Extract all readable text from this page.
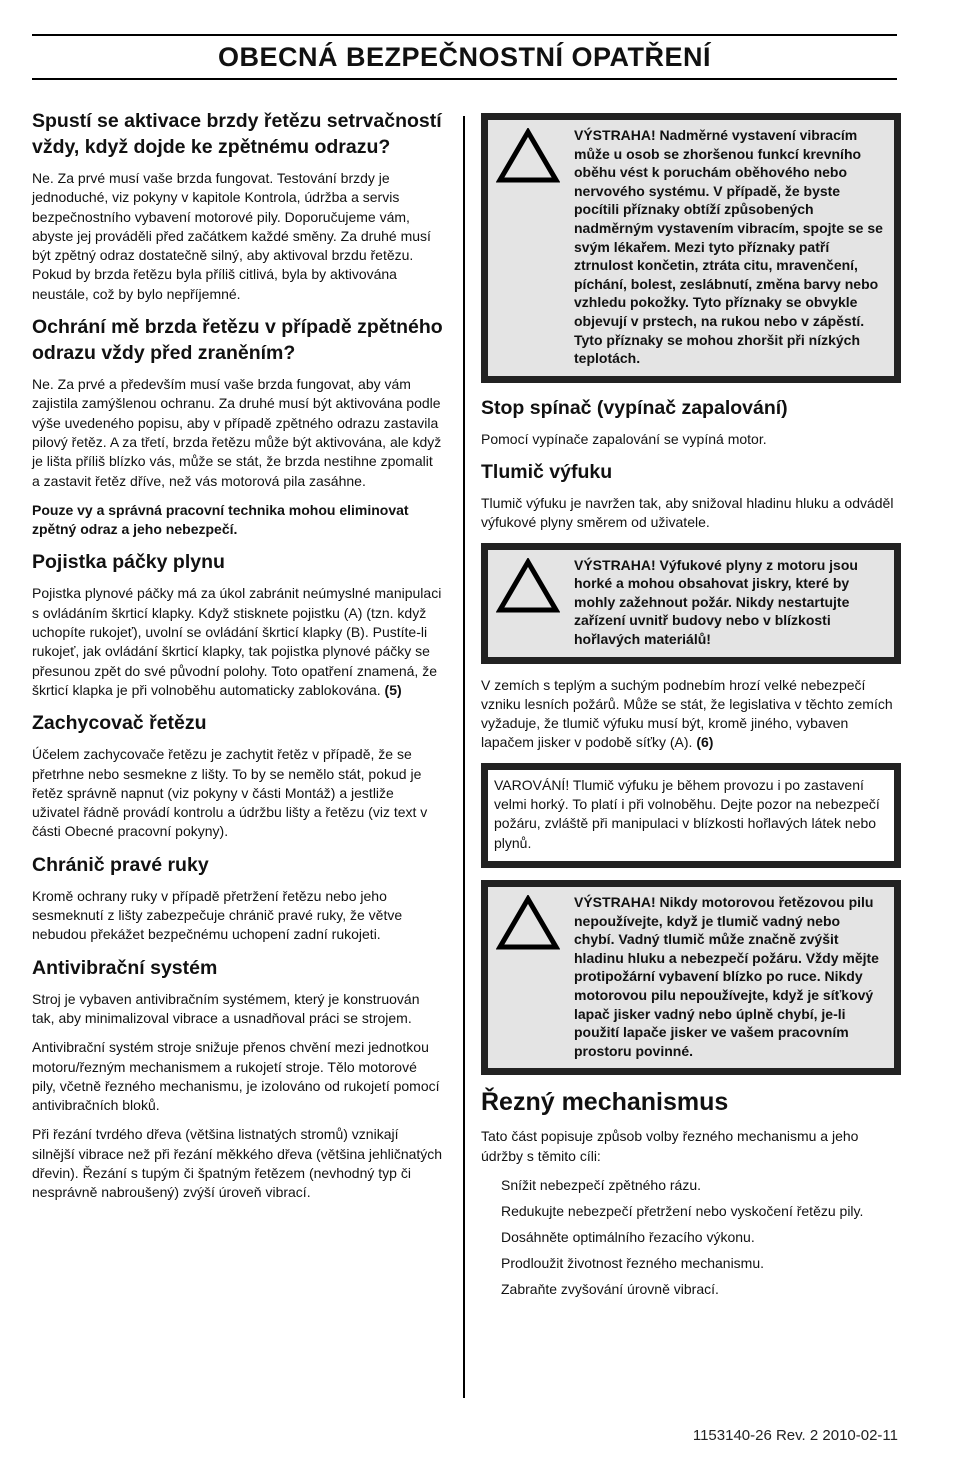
OBECNÁ BEZPEČNOSTNÍ OPATŘENÍ
Spustí se aktivace brzdy řetězu setrvačností vždy, když dojde ke zpětnému odrazu?

Ne. Za prvé musí vaše brzda fungovat. Testování brzdy je jednoduché, viz pokyny v kapitole Kontrola, údržba a servis bezpečnostního vybavení motorové pily. Doporučujeme vám, abyste jej prováděli před začátkem každé směny. Za druhé musí být zpětný odraz dostatečně silný, aby aktivoval brzdu řetězu. Pokud by brzda řetězu byla příliš citlivá, byla by aktivována neustále, což by bylo nepříjemné.

Ochrání mě brzda řetězu v případě zpětného odrazu vždy před zraněním?

Ne. Za prvé a především musí vaše brzda fungovat, aby vám zajistila zamýšlenou ochranu. Za druhé musí být aktivována podle výše uvedeného popisu, aby v případě zpětného odrazu zastavila pilový řetěz. A za třetí, brzda řetězu může být aktivována, ale když je lišta příliš blízko vás, může se stát, že brzda nestihne zpomalit a zastavit řetěz dříve, než vás motorová pila zasáhne.

Pouze vy a správná pracovní technika mohou eliminovat zpětný odraz a jeho nebezpečí.

Pojistka páčky plynu

Pojistka plynové páčky má za úkol zabránit neúmyslné manipulaci s ovládáním škrticí klapky. Když stisknete pojistku (A) (tzn. když uchopíte rukojeť), uvolní se ovládání škrticí klapky (B). Pustíte-li rukojeť, jak ovládání škrticí klapky, tak pojistka plynové páčky se přesunou zpět do své původní polohy. Toto opatření znamená, že škrticí klapka je při volnoběhu automaticky zablokována. (5)

Zachycovač řetězu

Účelem zachycovače řetězu je zachytit řetěz v případě, že se přetrhne nebo sesmekne z lišty. To by se nemělo stát, pokud je řetěz správně napnut (viz pokyny v části Montáž) a jestliže uživatel řádně provádí kontrolu a údržbu lišty a řetězu (viz text v části Obecné pracovní pokyny).

Chránič pravé ruky

Kromě ochrany ruky v případě přetržení řetězu nebo jeho sesmeknutí z lišty zabezpečuje chránič pravé ruky, že větve nebudou překážet bezpečnému uchopení zadní rukojeti.

Antivibrační systém

Stroj je vybaven antivibračním systémem, který je konstruován tak, aby minimalizoval vibrace a usnadňoval práci se strojem.

Antivibrační systém stroje snižuje přenos chvění mezi jednotkou motoru/řezným mechanismem a rukojetí stroje. Tělo motorové pily, včetně řezného mechanismu, je izolováno od rukojetí pomocí antivibračních bloků.

Při řezání tvrdého dřeva (většina listnatých stromů) vznikají silnější vibrace než při řezání měkkého dřeva (většina jehličnatých dřevin). Řezání s tupým či špatným řetězem (nevhodný typ či nesprávně nabroušený) zvýší úroveň vibrací.

VÝSTRAHA! Nadměrné vystavení vibracím může u osob se zhoršenou funkcí krevního oběhu vést k poruchám oběhového nebo nervového systému. V případě, že byste pocítili příznaky obtíží způsobených nadměrným vystavením vibracím, spojte se se svým lékařem. Mezi tyto příznaky patří ztrnulost končetin, ztráta citu, mravenčení, píchání, bolest, zeslábnutí, změna barvy nebo vzhledu pokožky. Tyto příznaky se obvykle objevují v prstech, na rukou nebo v zápěstí. Tyto příznaky se mohou zhoršit při nízkých teplotách.
Stop spínač (vypínač zapalování)

Pomocí vypínače zapalování se vypíná motor.

Tlumič výfuku

Tlumič výfuku je navržen tak, aby snižoval hladinu hluku a odváděl výfukové plyny směrem od uživatele.

VÝSTRAHA! Výfukové plyny z motoru jsou horké a mohou obsahovat jiskry, které by mohly zažehnout požár. Nikdy nestartujte zařízení uvnitř budovy nebo v blízkosti hořlavých materiálů!

V zemích s teplým a suchým podnebím hrozí velké nebezpečí vzniku lesních požárů. Může se stát, že legislativa v těchto zemích vyžaduje, že tlumič výfuku musí být, kromě jiného, vybaven lapačem jisker v podobě síťky (A). (6)

VAROVÁNÍ! Tlumič výfuku je během provozu i po zastavení velmi horký. To platí i při volnoběhu. Dejte pozor na nebezpečí požáru, zvláště při manipulaci v blízkosti hořlavých látek nebo plynů.

VÝSTRAHA! Nikdy motorovou řetězovou pilu nepoužívejte, když je tlumič vadný nebo chybí. Vadný tlumič může značně zvýšit hladinu hluku a nebezpečí požáru. Vždy mějte protipožární vybavení blízko po ruce. Nikdy motorovou pilu nepoužívejte, když je síťkový lapač jisker vadný nebo úplně chybí, je-li použití lapače jisker ve vašem pracovním prostoru povinné.
Řezný mechanismus

Tato část popisuje způsob volby řezného mechanismu a jeho údržby s těmito cíli:

Snížit nebezpečí zpětného rázu.
Redukujte nebezpečí přetržení nebo vyskočení řetězu pily.
Dosáhněte optimálního řezacího výkonu.
Prodloužit životnost řezného mechanismu.
Zabraňte zvyšování úrovně vibrací.
1153140-26 Rev. 2 2010-02-11
